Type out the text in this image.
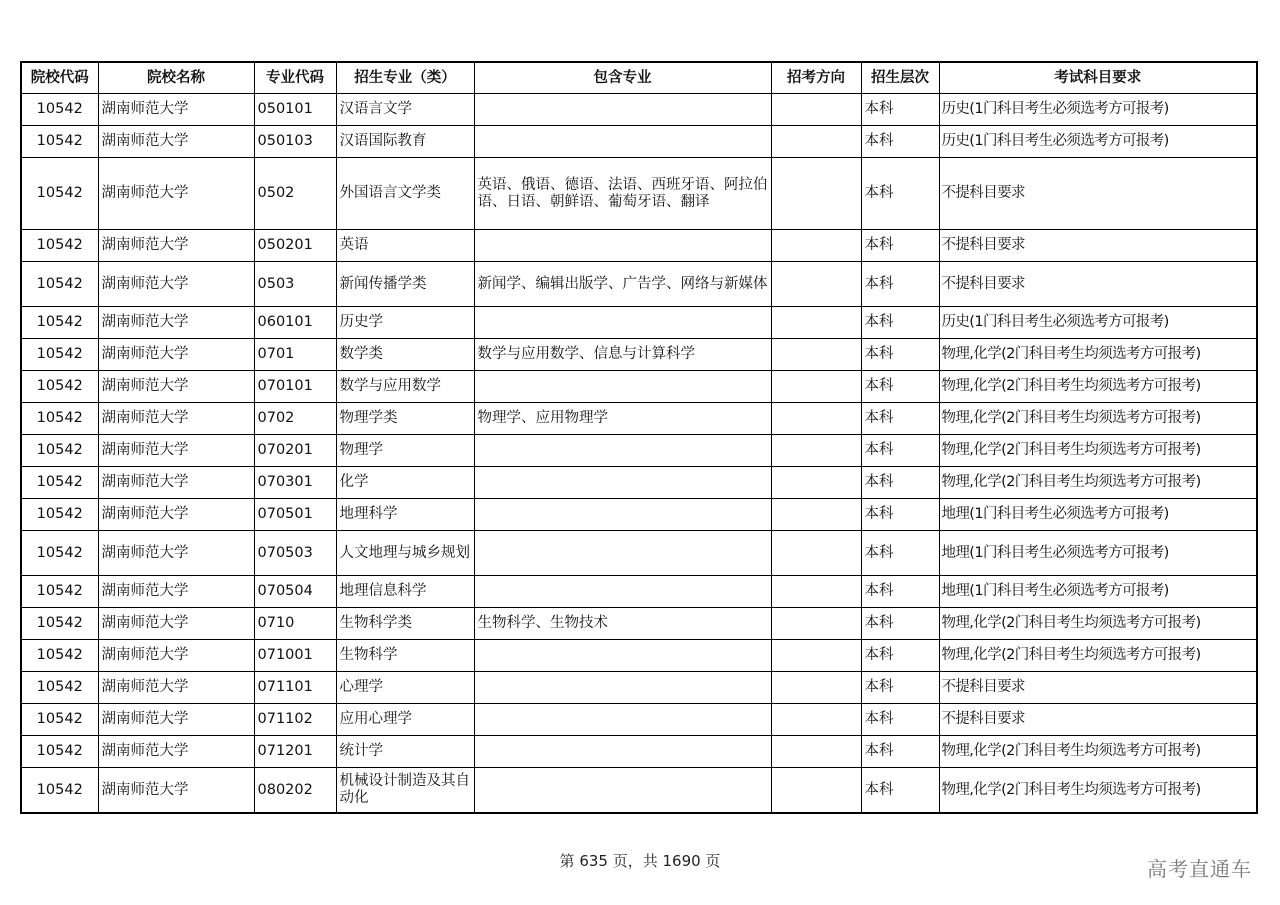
院校代码	院校名称	专业代码	招生专业（类）	包含专业	招考方向	招生层次	考试科目要求
10542	湖南师范大学	050101	汉语言文学			本科	历史(1门科目考生必须选考方可报考)
10542	湖南师范大学	050103	汉语国际教育			本科	历史(1门科目考生必须选考方可报考)
10542	湖南师范大学	0502	外国语言文学类	英语、俄语、德语、法语、西班牙语、阿拉伯语、日语、朝鲜语、葡萄牙语、翻译		本科	不提科目要求
10542	湖南师范大学	050201	英语			本科	不提科目要求
10542	湖南师范大学	0503	新闻传播学类	新闻学、编辑出版学、广告学、网络与新媒体		本科	不提科目要求
10542	湖南师范大学	060101	历史学			本科	历史(1门科目考生必须选考方可报考)
10542	湖南师范大学	0701	数学类	数学与应用数学、信息与计算科学		本科	物理,化学(2门科目考生均须选考方可报考)
10542	湖南师范大学	070101	数学与应用数学			本科	物理,化学(2门科目考生均须选考方可报考)
10542	湖南师范大学	0702	物理学类	物理学、应用物理学		本科	物理,化学(2门科目考生均须选考方可报考)
10542	湖南师范大学	070201	物理学			本科	物理,化学(2门科目考生均须选考方可报考)
10542	湖南师范大学	070301	化学			本科	物理,化学(2门科目考生均须选考方可报考)
10542	湖南师范大学	070501	地理科学			本科	地理(1门科目考生必须选考方可报考)
10542	湖南师范大学	070503	人文地理与城乡规划			本科	地理(1门科目考生必须选考方可报考)
10542	湖南师范大学	070504	地理信息科学			本科	地理(1门科目考生必须选考方可报考)
10542	湖南师范大学	0710	生物科学类	生物科学、生物技术		本科	物理,化学(2门科目考生均须选考方可报考)
10542	湖南师范大学	071001	生物科学			本科	物理,化学(2门科目考生均须选考方可报考)
10542	湖南师范大学	071101	心理学			本科	不提科目要求
10542	湖南师范大学	071102	应用心理学			本科	不提科目要求
10542	湖南师范大学	071201	统计学			本科	物理,化学(2门科目考生均须选考方可报考)
10542	湖南师范大学	080202	机械设计制造及其自动化			本科	物理,化学(2门科目考生均须选考方可报考)
第 635 页，共 1690 页	高考直通车
